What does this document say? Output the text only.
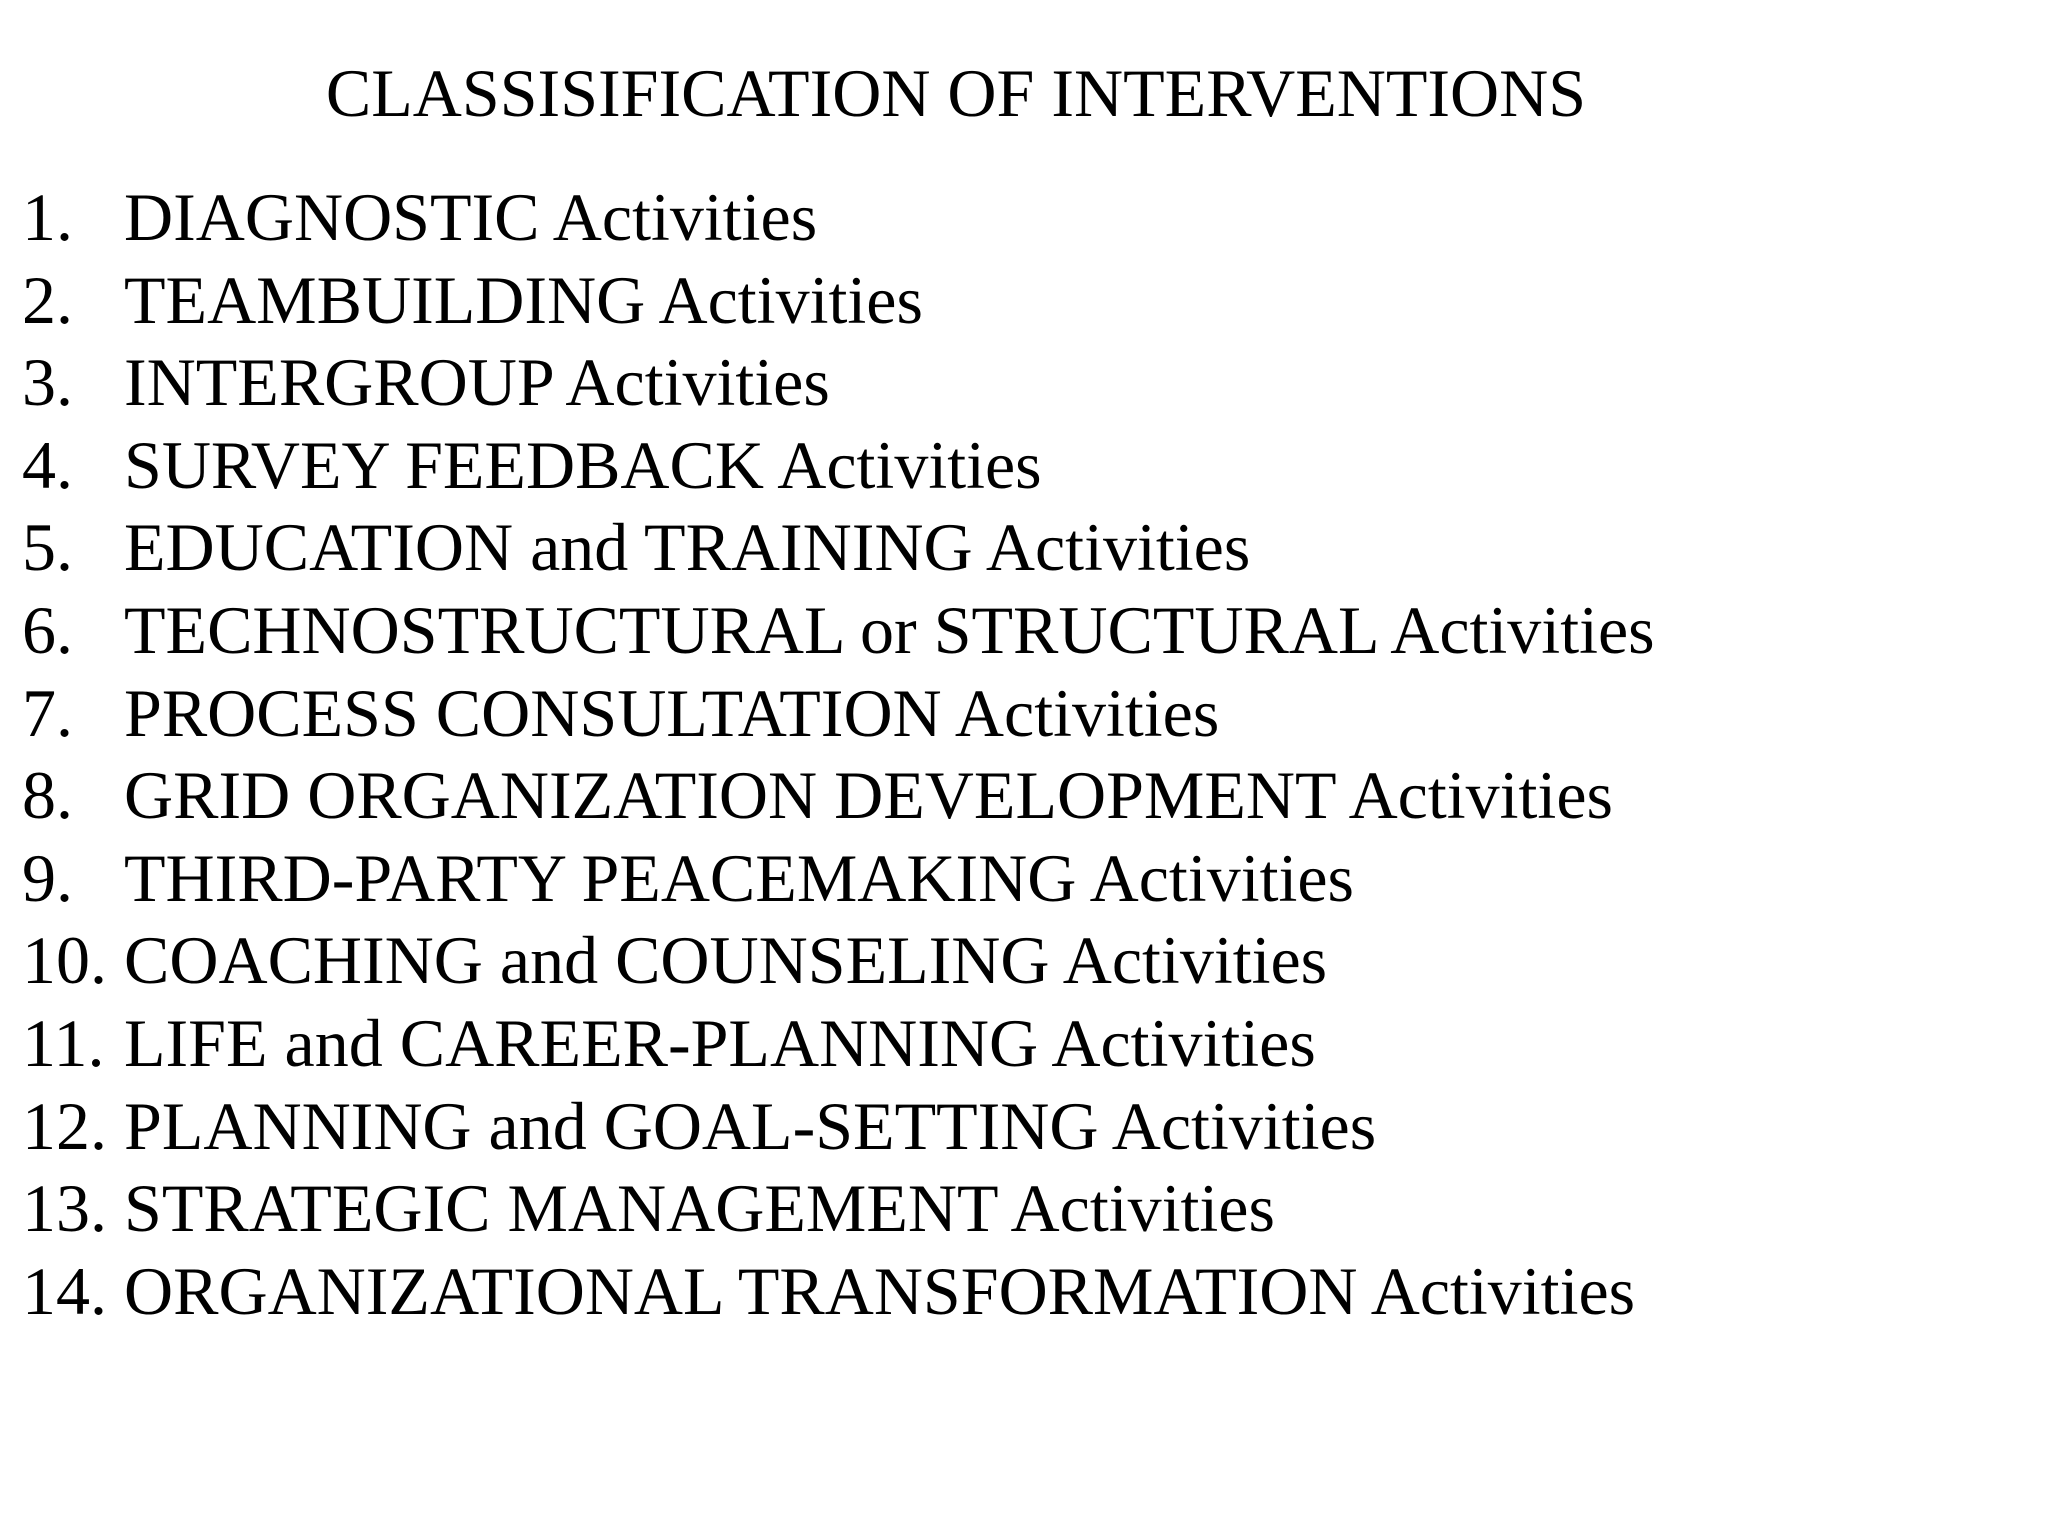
CLASSISIFICATION OF INTERVENTIONS
1. DIAGNOSTIC Activities
2. TEAMBUILDING Activities
3. INTERGROUP Activities
4. SURVEY FEEDBACK Activities
5. EDUCATION and TRAINING Activities
6. TECHNOSTRUCTURAL or STRUCTURAL Activities
7. PROCESS CONSULTATION Activities
8. GRID ORGANIZATION DEVELOPMENT Activities
9. THIRD-PARTY PEACEMAKING Activities
10. COACHING and COUNSELING Activities
11. LIFE and CAREER-PLANNING Activities
12. PLANNING and GOAL-SETTING Activities
13. STRATEGIC MANAGEMENT Activities
14. ORGANIZATIONAL TRANSFORMATION Activities
